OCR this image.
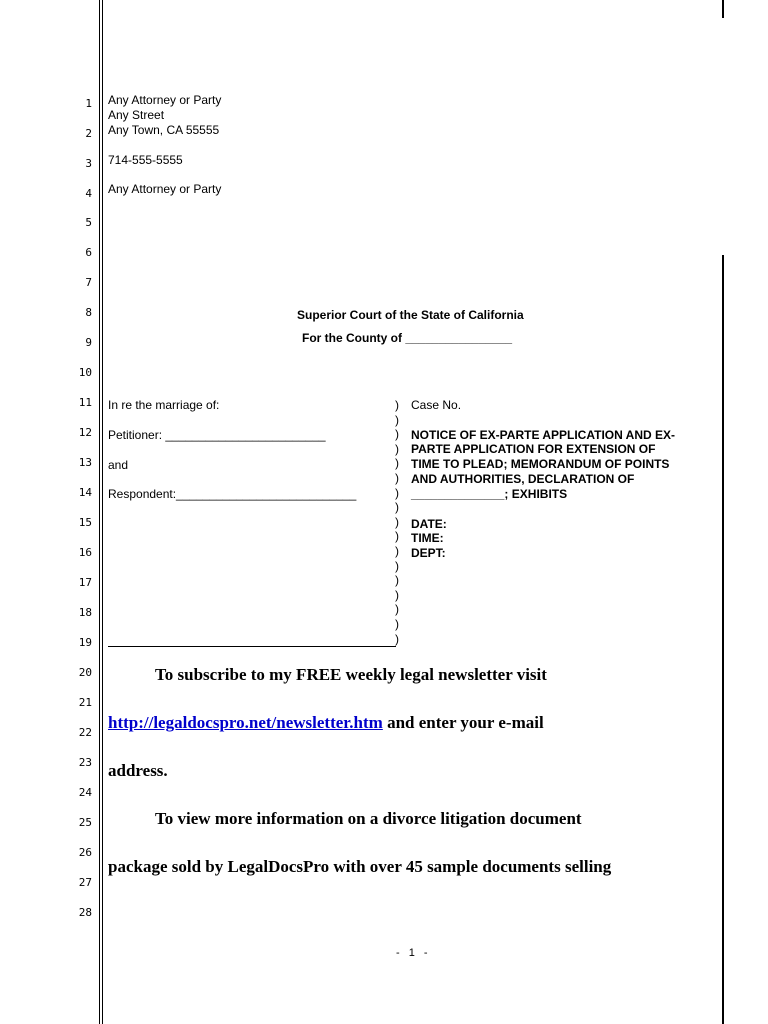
1
2
3
4
5
6
7
8
9
10
11
12
13
14
15
16
17
18
19
20
21
22
23
24
25
26
27
28
Any Attorney or Party
Any Street
Any Town, CA 55555
714-555-5555
Any Attorney or Party
Superior Court of the State of California
For the County of ________________
In re the marriage of:
Petitioner: ________________________
and
Respondent:___________________________
)
)
)
)
)
)
)
)
)
)
)
)
)
)
)
)
)
Case No.
NOTICE OF EX-PARTE APPLICATION AND EX-
PARTE APPLICATION FOR EXTENSION OF
TIME TO PLEAD; MEMORANDUM OF POINTS
AND AUTHORITIES, DECLARATION OF
______________; EXHIBITS
DATE:
TIME:
DEPT:
To subscribe to my FREE weekly legal newsletter visit
http://legaldocspro.net/newsletter.htm and enter your e-mail
address.
To view more information on a divorce litigation document
package sold by LegalDocsPro with over 45 sample documents selling
- 1 -
